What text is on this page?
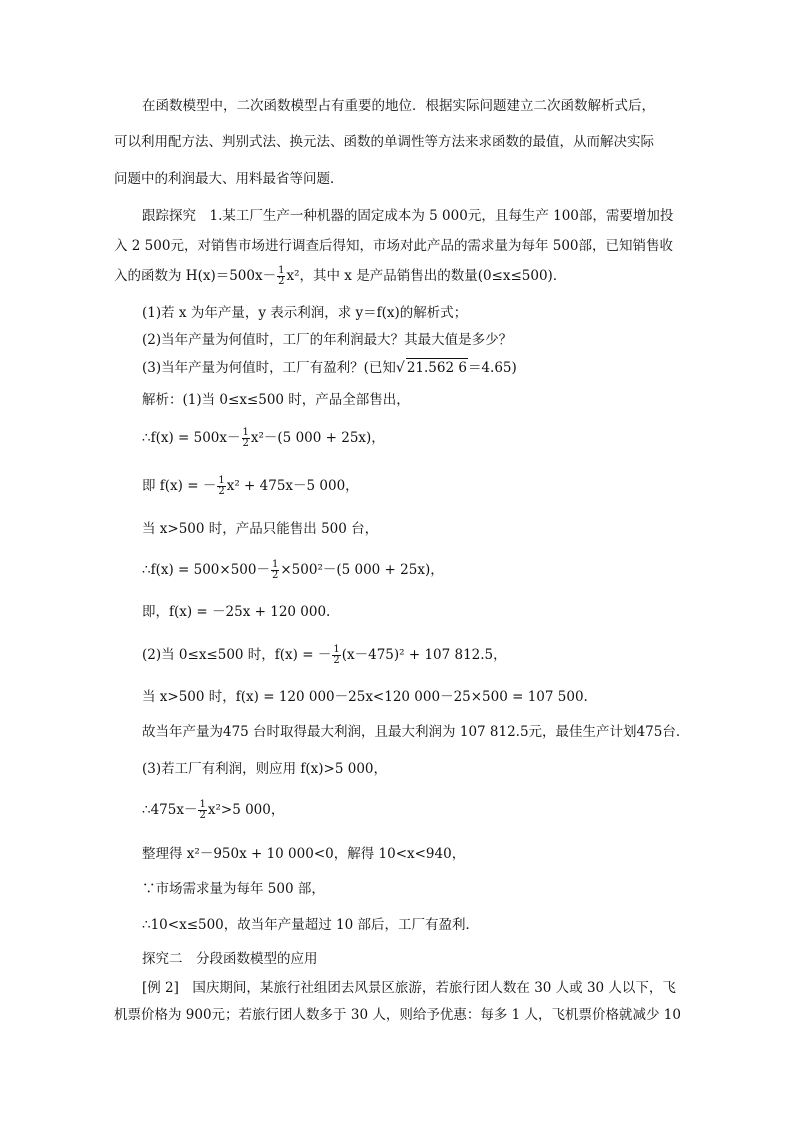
在函数模型中，二次函数模型占有重要的地位．根据实际问题建立二次函数解析式后，
可以利用配方法、判别式法、换元法、函数的单调性等方法来求函数的最值，从而解决实际
问题中的利润最大、用料最省等问题．
跟踪探究　1.某工厂生产一种机器的固定成本为 5 000元，且每生产 100部，需要增加投
入 2 500元，对销售市场进行调查后得知，市场对此产品的需求量为每年 500部，已知销售收
入的函数为 $H(x)=500x- \frac{1}{2} x^2$，其中 x 是产品销售出的数量(0≤x≤500)．
(1)若 x 为年产量，y 表示利润，求 y＝f(x)的解析式；
(2)当年产量为何值时，工厂的年利润最大？其最大值是多少？
(3)当年产量为何值时，工厂有盈利？(已知√ 21.562 6＝4.65)
解析：(1)当 0≤x≤500 时，产品全部售出，
∴f(x) = $500x- \frac{1}{2} x^2-(5$ 000 + 25x)，
即 f(x) = － $\frac{1}{2} x^2 + 475x-5$ 000，
当 x>500 时，产品只能售出 500 台，
∴f(x) = $500\times 500- \frac{1}{2} \times 500^2-(5$ 000 + 25x)，
即，f(x) = －25x + 120 000.
(2)当 0≤x≤500 时，f(x) = － $\frac{1}{2} (x-475)^2 + 107$ 812.5，
当 x>500 时，f(x) = 120 000－25x<120 000－25×500 = 107 500.
故当年产量为475 台时取得最大利润，且最大利润为 107 812.5元，最佳生产计划475台．
(3)若工厂有利润，则应用 f(x)>5 000，
∴475x－ $\frac{1}{2} x^2>5$ 000，
整理得 x²－950x + 10 000<0，解得 10<x<940，
∵市场需求量为每年 500 部，
∴10<x≤500，故当年产量超过 10 部后，工厂有盈利．
探究二　分段函数模型的应用
[例 2]　国庆期间，某旅行社组团去风景区旅游，若旅行团人数在 30 人或 30 人以下，飞
机票价格为 900元；若旅行团人数多于 30 人，则给予优惠：每多 1 人，飞机票价格就减少 10
